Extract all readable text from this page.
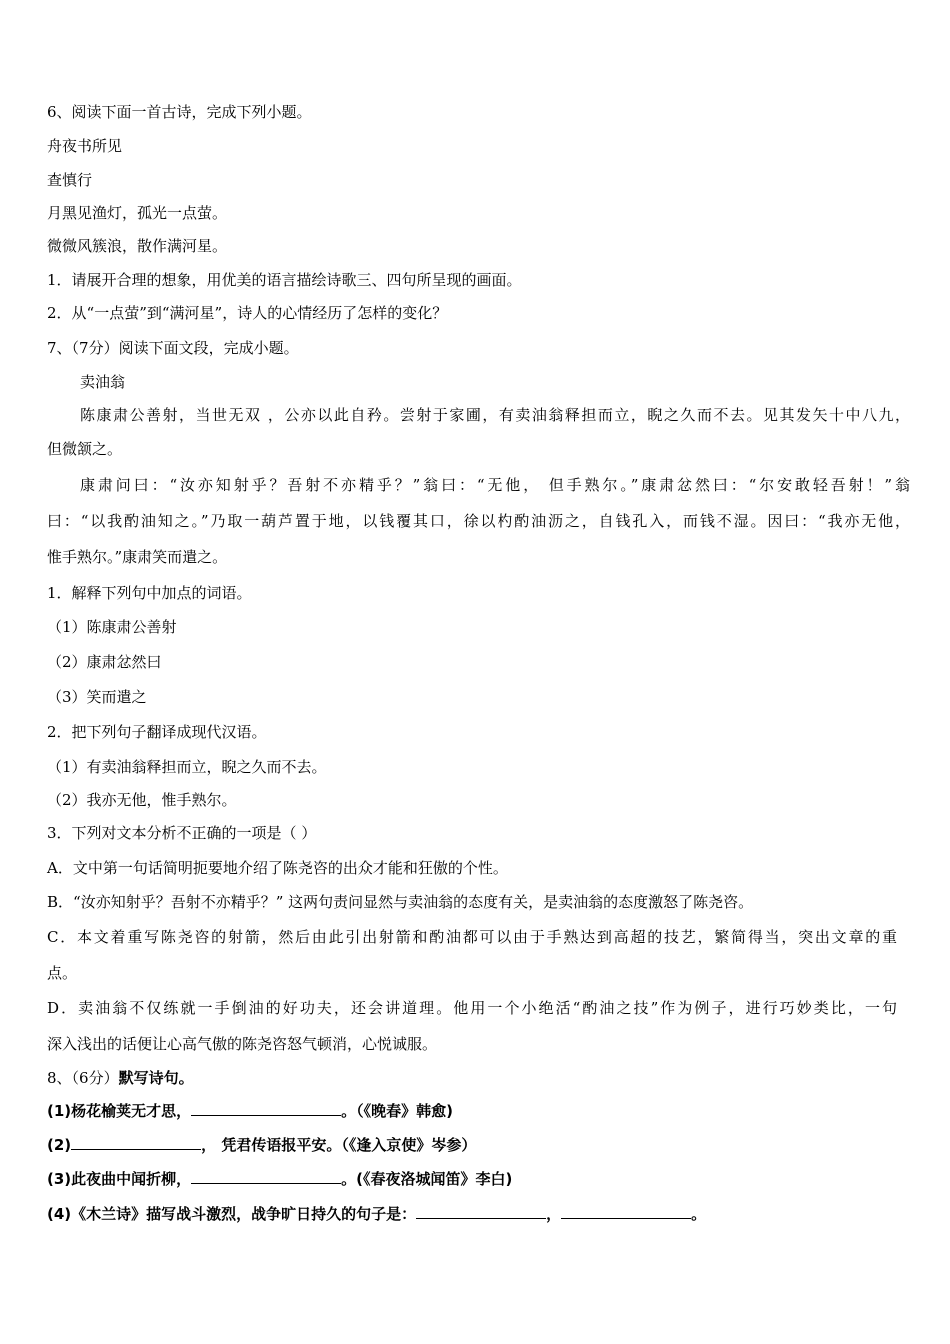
6、阅读下面一首古诗，完成下列小题。
舟夜书所见
查慎行
月黑见渔灯，孤光一点萤。
微微风簇浪，散作满河星。
1．请展开合理的想象，用优美的语言描绘诗歌三、四句所呈现的画面。
2．从“一点萤”到“满河星”，诗人的心情经历了怎样的变化？
7、（7分）阅读下面文段，完成小题。
卖油翁
陈康肃公善射，当世无双 ，公亦以此自矜。尝射于家圃，有卖油翁释担而立，睨之久而不去。见其发矢十中八九，
但微颔之。
康肃问曰：“汝亦知射乎？吾射不亦精乎？”翁曰：“无他， 但手熟尔。”康肃忿然曰：“尔安敢轻吾射！”翁
曰：“以我酌油知之。”乃取一葫芦置于地，以钱覆其口，徐以杓酌油沥之，自钱孔入，而钱不湿。因曰：“我亦无他，
惟手熟尔。”康肃笑而遣之。
1．解释下列句中加点的词语。
（1）陈康肃公善射
（2）康肃忿然曰
（3）笑而遣之
2．把下列句子翻译成现代汉语。
（1）有卖油翁释担而立，睨之久而不去。
（2）我亦无他，惟手熟尔。
3．下列对文本分析不正确的一项是（ ）
A．文中第一句话简明扼要地介绍了陈尧咨的出众才能和狂傲的个性。
B．“汝亦知射乎？吾射不亦精乎？” 这两句责问显然与卖油翁的态度有关，是卖油翁的态度激怒了陈尧咨。
C．本文着重写陈尧咨的射箭，然后由此引出射箭和酌油都可以由于手熟达到高超的技艺，繁简得当，突出文章的重
点。
D．卖油翁不仅练就一手倒油的好功夫，还会讲道理。他用一个小绝活“酌油之技”作为例子，进行巧妙类比，一句
深入浅出的话便让心高气傲的陈尧咨怒气顿消，心悦诚服。
8、（6分）默写诗句。
(1)杨花榆荚无才思，	。（《晚春》韩愈)
(2)	， 凭君传语报平安。（《逢入京使》岑参）
(3)此夜曲中闻折柳，	。(《春夜洛城闻笛》李白)
(4)《木兰诗》描写战斗激烈，战争旷日持久的句子是：	，	。
